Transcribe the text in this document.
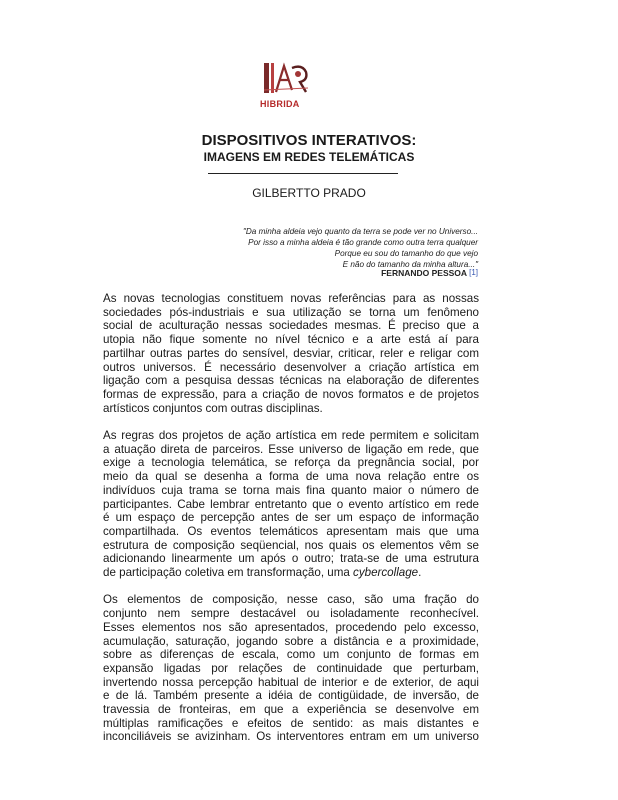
HIBRIDA
DISPOSITIVOS INTERATIVOS:
IMAGENS EM REDES TELEMÁTICAS
GILBERTTO PRADO
"Da minha aldeia vejo quanto da terra se pode ver no Universo...
Por isso a minha aldeia é tão grande como outra terra qualquer
Porque eu sou do tamanho do que vejo
E não do tamanho da minha altura..."
FERNANDO PESSOA [1]

As novas tecnologias constituem novas referências para as nossas
sociedades pós-industriais e sua utilização se torna um fenômeno
social de aculturação nessas sociedades mesmas. É preciso que a
utopia não fique somente no nível técnico e a arte está aí para
partilhar outras partes do sensível, desviar, criticar, reler e religar com
outros universos. É necessário desenvolver a criação artística em
ligação com a pesquisa dessas técnicas na elaboração de diferentes
formas de expressão, para a criação de novos formatos e de projetos
artísticos conjuntos com outras disciplinas.

As regras dos projetos de ação artística em rede permitem e solicitam
a atuação direta de parceiros. Esse universo de ligação em rede, que
exige a tecnologia telemática, se reforça da pregnância social, por
meio da qual se desenha a forma de uma nova relação entre os
indivíduos cuja trama se torna mais fina quanto maior o número de
participantes. Cabe lembrar entretanto que o evento artístico em rede
é um espaço de percepção antes de ser um espaço de informação
compartilhada. Os eventos telemáticos apresentam mais que uma
estrutura de composição seqüencial, nos quais os elementos vêm se
adicionando linearmente um após o outro; trata-se de uma estrutura
de participação coletiva em transformação, uma cybercollage.

Os elementos de composição, nesse caso, são uma fração do
conjunto nem sempre destacável ou isoladamente reconhecível.
Esses elementos nos são apresentados, procedendo pelo excesso,
acumulação, saturação, jogando sobre a distância e a proximidade,
sobre as diferenças de escala, como um conjunto de formas em
expansão ligadas por relações de continuidade que perturbam,
invertendo nossa percepção habitual de interior e de exterior, de aqui
e de lá. Também presente a idéia de contigüidade, de inversão, de
travessia de fronteiras, em que a experiência se desenvolve em
múltiplas ramificações e efeitos de sentido: as mais distantes e
inconciliáveis se avizinham. Os interventores entram em um universo
